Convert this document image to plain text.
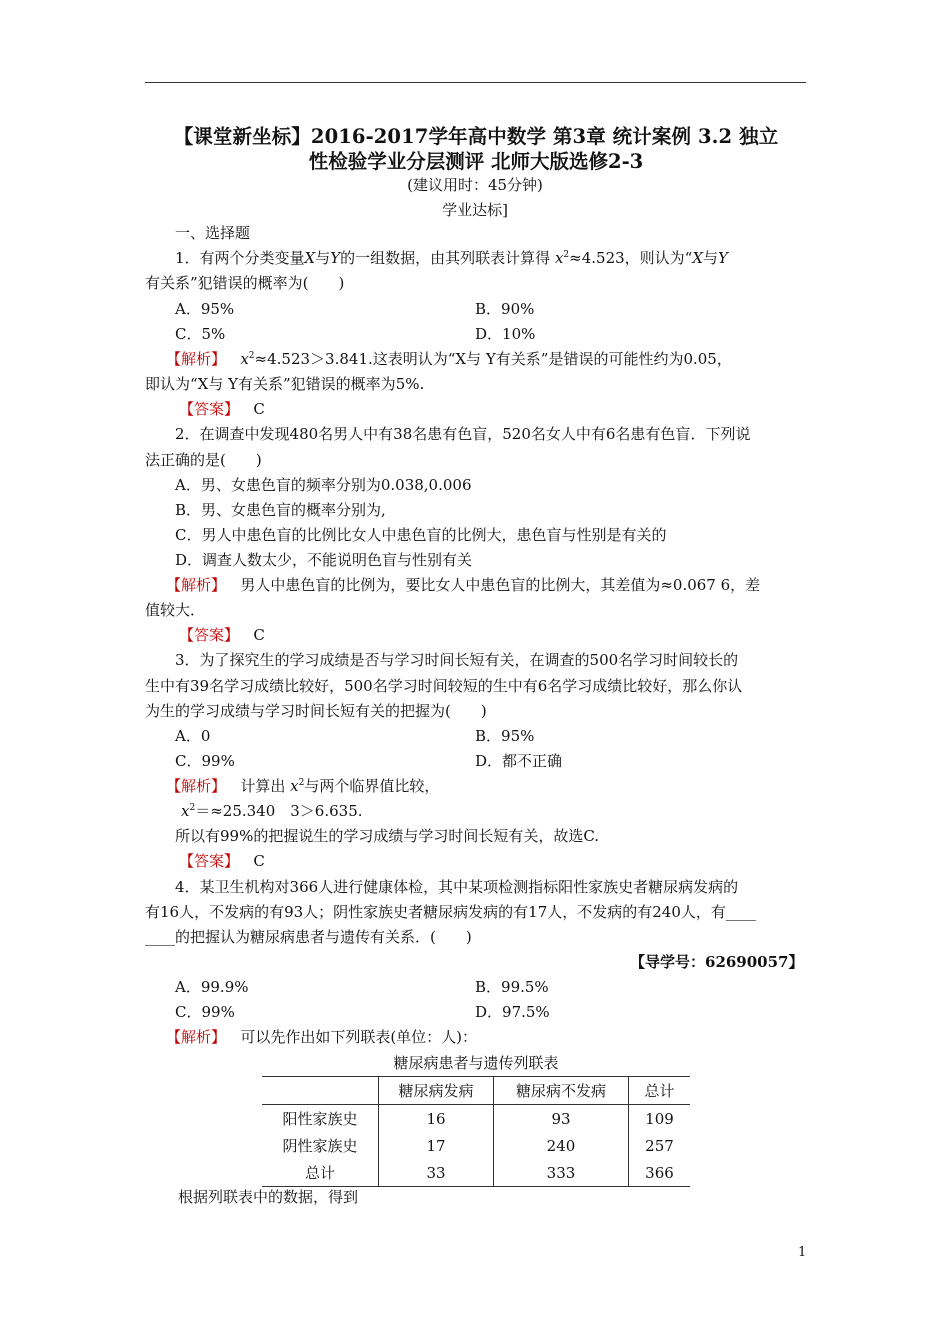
【课堂新坐标】2016-2017学年高中数学 第3章 统计案例 3.2 独立
性检验学业分层测评 北师大版选修2-3
(建议用时：45分钟)
学业达标]
一、选择题
1．有两个分类变量X与Y的一组数据，由其列联表计算得 $x^2\approx 4.523$，则认为“X与Y
有关系”犯错误的概率为(　　)
A．95%	B．90%
C．5%	D．10%
【解析】 $x^2\approx 4.523>3.841$.这表明认为“X与 Y有关系”是错误的可能性约为0.05，
即认为“X与 Y有关系”犯错误的概率为5%.
【答案】 C
2．在调查中发现480名男人中有38名患有色盲，520名女人中有6名患有色盲．下列说
法正确的是(　　)
A．男、女患色盲的频率分别为0.038,0.006
B．男、女患色盲的概率分别为,
C．男人中患色盲的比例比女人中患色盲的比例大，患色盲与性别是有关的
D．调查人数太少，不能说明色盲与性别有关
【解析】 男人中患色盲的比例为，要比女人中患色盲的比例大，其差值为≈0.067 6，差
值较大．
【答案】 C
3．为了探究生的学习成绩是否与学习时间长短有关，在调查的500名学习时间较长的
生中有39名学习成绩比较好，500名学习时间较短的生中有6名学习成绩比较好，那么你认
为生的学习成绩与学习时间长短有关的把握为(　　)
A．0	B．95%
C．99%	D．都不正确
【解析】 计算出 $x^2$与两个临界值比较，
$x^2=\approx 25.340$　3＞6.635.
所以有99%的把握说生的学习成绩与学习时间长短有关，故选C.
【答案】 C
4．某卫生机构对366人进行健康体检，其中某项检测指标阳性家族史者糖尿病发病的
有16人，不发病的有93人；阴性家族史者糖尿病发病的有17人，不发病的有240人，有____
____的把握认为糖尿病患者与遗传有关系．(　　)
【导学号：62690057】
A．99.9%	B．99.5%
C．99%	D．97.5%
【解析】 可以先作出如下列联表(单位：人)：
糖尿病患者与遗传列联表
	糖尿病发病	糖尿病不发病	总计
阳性家族史	16	93	109
阴性家族史	17	240	257
总计	33	333	366
根据列联表中的数据，得到
1
